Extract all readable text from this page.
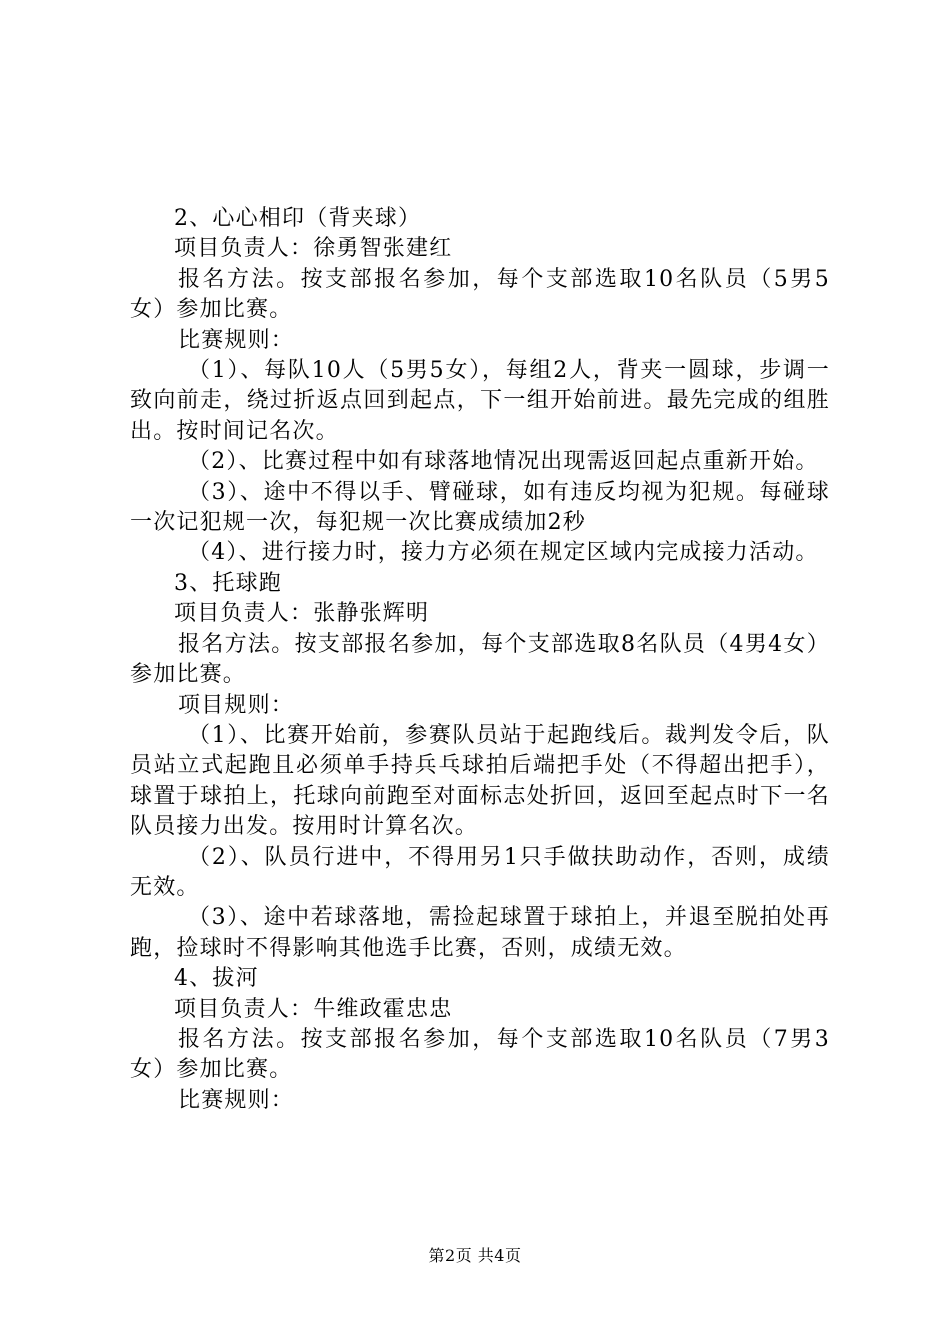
2、心心相印（背夹球）

项目负责人：徐勇智张建红

报名方法。按支部报名参加，每个支部选取10名队员（5男5女）参加比赛。

比赛规则：

（1）、每队10人（5男5女），每组2人，背夹一圆球，步调一致向前走，绕过折返点回到起点，下一组开始前进。最先完成的组胜出。按时间记名次。

（2）、比赛过程中如有球落地情况出现需返回起点重新开始。

（3）、途中不得以手、臂碰球，如有违反均视为犯规。每碰球一次记犯规一次，每犯规一次比赛成绩加2秒

（4）、进行接力时，接力方必须在规定区域内完成接力活动。

3、托球跑

项目负责人：张静张辉明

报名方法。按支部报名参加，每个支部选取8名队员（4男4女）参加比赛。

项目规则：

（1）、比赛开始前，参赛队员站于起跑线后。裁判发令后，队员站立式起跑且必须单手持兵乓球拍后端把手处（不得超出把手），球置于球拍上，托球向前跑至对面标志处折回，返回至起点时下一名队员接力出发。按用时计算名次。

（2）、队员行进中，不得用另1只手做扶助动作，否则，成绩无效。

（3）、途中若球落地，需捡起球置于球拍上，并退至脱拍处再跑，捡球时不得影响其他选手比赛，否则，成绩无效。

4、拔河

项目负责人：牛维政霍忠忠

报名方法。按支部报名参加，每个支部选取10名队员（7男3女）参加比赛。

比赛规则：

第2页 共4页
